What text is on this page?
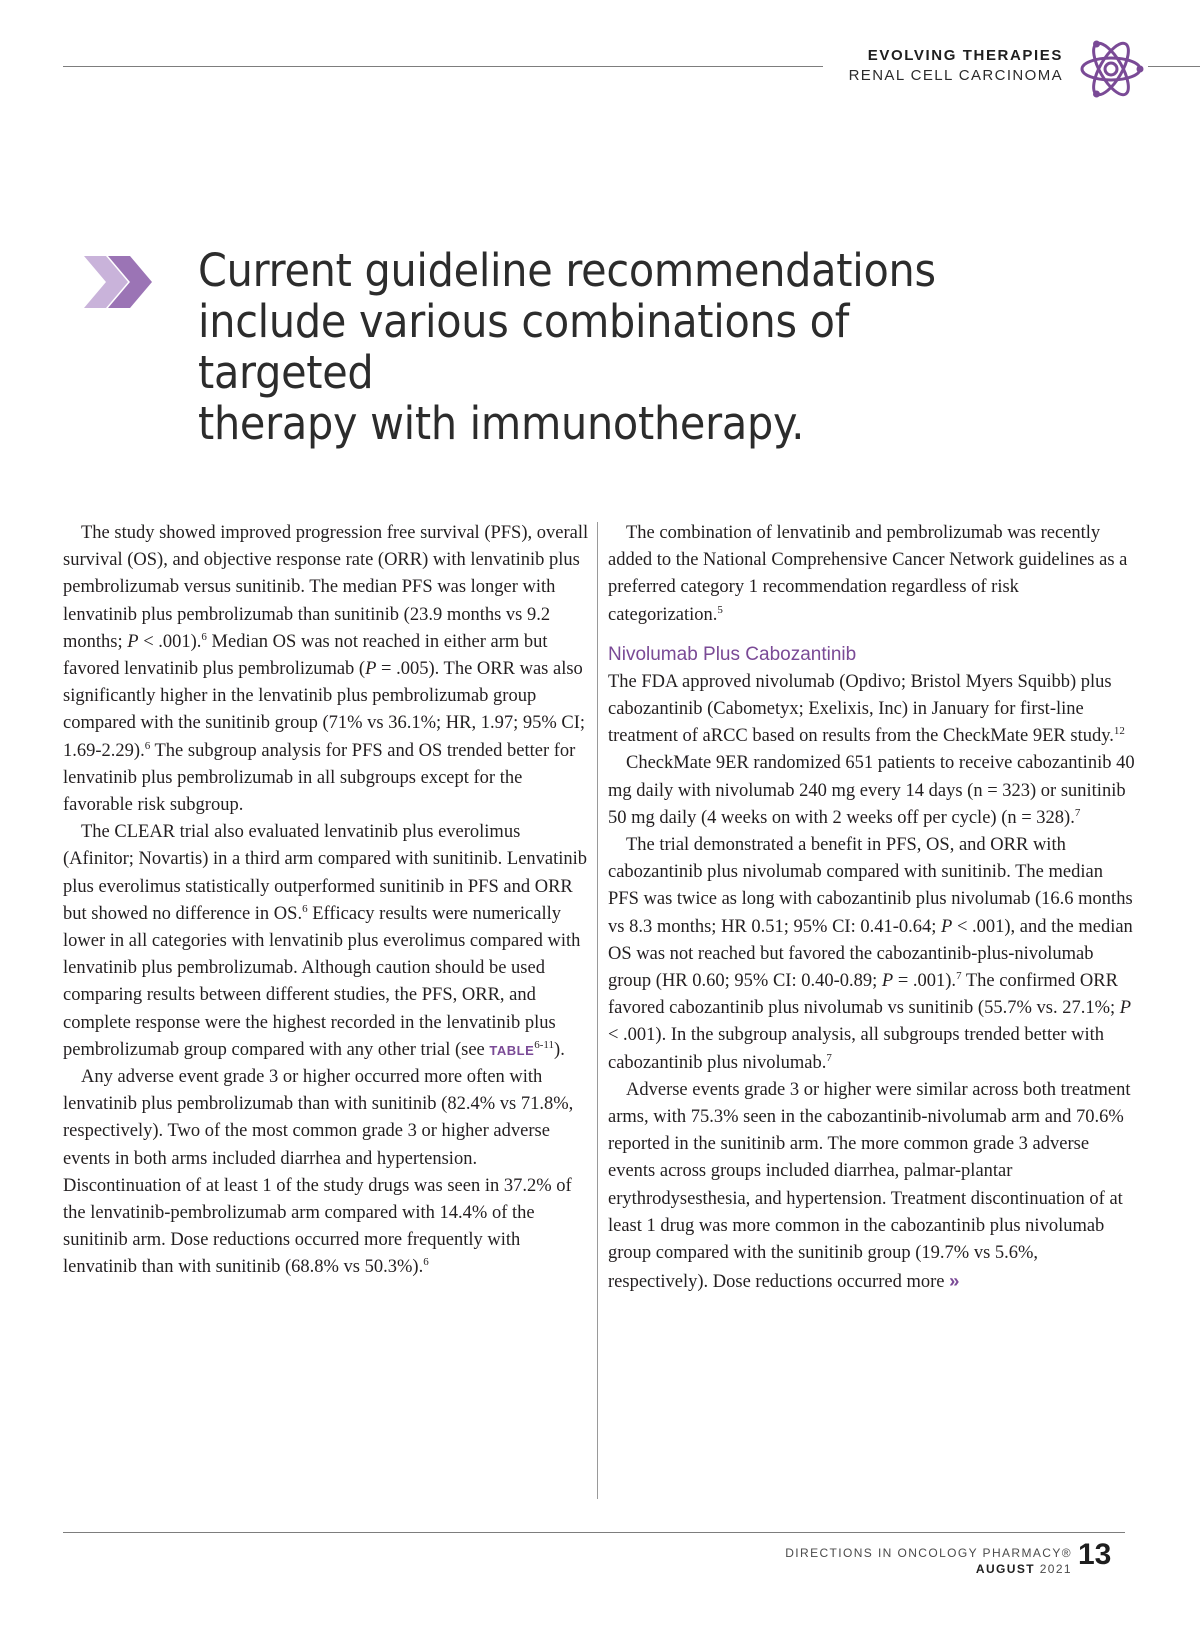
EVOLVING THERAPIES
RENAL CELL CARCINOMA
Current guideline recommendations
include various combinations of targeted
therapy with immunotherapy.

The study showed improved progression free survival (PFS), overall survival (OS), and objective response rate (ORR) with lenvatinib plus pembrolizumab versus sunitinib. The median PFS was longer with lenvatinib plus pembrolizumab than sunitinib (23.9 months vs 9.2 months; P < .001).$^6$ Median OS was not reached in either arm but favored lenvatinib plus pembrolizumab (P = .005). The ORR was also significantly higher in the lenvatinib plus pembrolizumab group compared with the sunitinib group (71% vs 36.1%; HR, 1.97; 95% CI; 1.69-2.29).$^6$ The subgroup analysis for PFS and OS trended better for lenvatinib plus pembrolizumab in all subgroups except for the favorable risk subgroup.

The CLEAR trial also evaluated lenvatinib plus everolimus (Afinitor; Novartis) in a third arm compared with sunitinib. Lenvatinib plus everolimus statistically outperformed sunitinib in PFS and ORR but showed no difference in OS.$^6$ Efficacy results were numerically lower in all categories with lenvatinib plus everolimus compared with lenvatinib plus pembrolizumab. Although caution should be used comparing results between different studies, the PFS, ORR, and complete response were the highest recorded in the lenvatinib plus pembrolizumab group compared with any other trial (see TABLE$^{6-11}$).

Any adverse event grade 3 or higher occurred more often with lenvatinib plus pembrolizumab than with sunitinib (82.4% vs 71.8%, respectively). Two of the most common grade 3 or higher adverse events in both arms included diarrhea and hypertension. Discontinuation of at least 1 of the study drugs was seen in 37.2% of the lenvatinib-pembrolizumab arm compared with 14.4% of the sunitinib arm. Dose reductions occurred more frequently with lenvatinib than with sunitinib (68.8% vs 50.3%).$^6$

The combination of lenvatinib and pembrolizumab was recently added to the National Comprehensive Cancer Network guidelines as a preferred category 1 recommendation regardless of risk categorization.$^5$

Nivolumab Plus Cabozantinib

The FDA approved nivolumab (Opdivo; Bristol Myers Squibb) plus cabozantinib (Cabometyx; Exelixis, Inc) in January for first-line treatment of aRCC based on results from the CheckMate 9ER study.$^{12}$

CheckMate 9ER randomized 651 patients to receive cabozantinib 40 mg daily with nivolumab 240 mg every 14 days (n = 323) or sunitinib 50 mg daily (4 weeks on with 2 weeks off per cycle) (n = 328).$^7$

The trial demonstrated a benefit in PFS, OS, and ORR with cabozantinib plus nivolumab compared with sunitinib. The median PFS was twice as long with cabozantinib plus nivolumab (16.6 months vs 8.3 months; HR 0.51; 95% CI: 0.41-0.64; P < .001), and the median OS was not reached but favored the cabozantinib-plus-nivolumab group (HR 0.60; 95% CI: 0.40-0.89; P = .001).$^7$ The confirmed ORR favored cabozantinib plus nivolumab vs sunitinib (55.7% vs. 27.1%; P < .001). In the subgroup analysis, all subgroups trended better with cabozantinib plus nivolumab.$^7$

Adverse events grade 3 or higher were similar across both treatment arms, with 75.3% seen in the cabozantinib-nivolumab arm and 70.6% reported in the sunitinib arm. The more common grade 3 adverse events across groups included diarrhea, palmar-plantar erythrodysesthesia, and hypertension. Treatment discontinuation of at least 1 drug was more common in the cabozantinib plus nivolumab group compared with the sunitinib group (19.7% vs 5.6%, respectively). Dose reductions occurred more »

DIRECTIONS IN ONCOLOGY PHARMACY®
AUGUST 2021 13
